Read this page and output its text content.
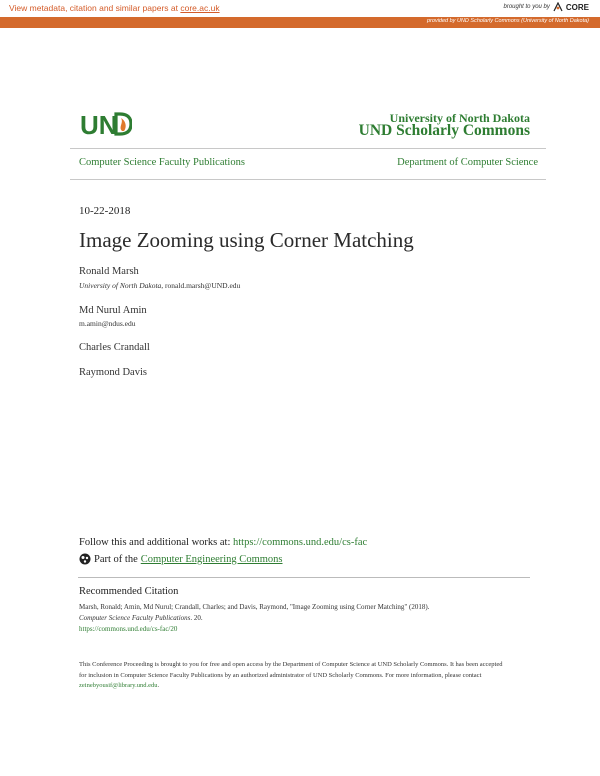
View metadata, citation and similar papers at core.ac.uk	brought to you by CORE
provided by UND Scholarly Commons (University of North Dakota)
UN	University of North Dakota
UND Scholarly Commons
Computer Science Faculty Publications	Department of Computer Science
10-22-2018
Image Zooming using Corner Matching
Ronald Marsh
University of North Dakota, ronald.marsh@UND.edu
Md Nurul Amin
m.amin@ndus.edu
Charles Crandall
Raymond Davis
Follow this and additional works at: https://commons.und.edu/cs-fac
Part of the Computer Engineering Commons
Recommended Citation
Marsh, Ronald; Amin, Md Nurul; Crandall, Charles; and Davis, Raymond, "Image Zooming using Corner Matching" (2018).
Computer Science Faculty Publications. 20.
https://commons.und.edu/cs-fac/20
This Conference Proceeding is brought to you for free and open access by the Department of Computer Science at UND Scholarly Commons. It has been accepted for inclusion in Computer Science Faculty Publications by an authorized administrator of UND Scholarly Commons. For more information, please contact zeinebyousif@library.und.edu.
